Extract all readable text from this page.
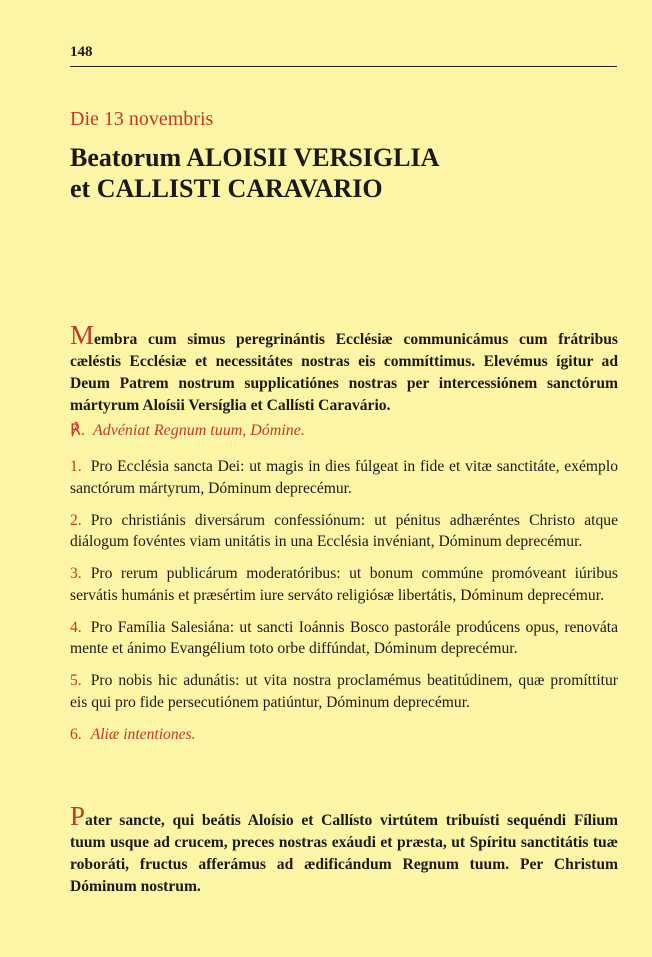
148
Die 13 novembris
Beatorum ALOISII VERSIGLIA
et CALLISTI CARAVARIO

Membra cum simus peregrinántis Ecclésiæ communicámus cum frátribus cæléstis Ecclésiæ et necessitátes nostras eis commíttimus. Elevémus ígitur ad Deum Patrem nostrum supplicatiónes nostras per intercessiónem sanctórum mártyrum Aloísii Versíglia et Callísti Caravário.

℟. Advéniat Regnum tuum, Dómine.

1. Pro Ecclésia sancta Dei: ut magis in dies fúlgeat in fide et vitæ sanctitáte, exémplo sanctórum mártyrum, Dóminum deprecémur.

2. Pro christiánis diversárum confessiónum: ut pénitus adhæréntes Christo atque diálogum fovéntes viam unitátis in una Ecclésia invéniant, Dóminum deprecémur.

3. Pro rerum publicárum moderatóribus: ut bonum commúne promóveant iúribus servátis humánis et præsértim iure serváto religiósæ libertátis, Dóminum deprecémur.

4. Pro Família Salesiána: ut sancti Ioánnis Bosco pastorále prodúcens opus, renováta mente et ánimo Evangélium toto orbe diffúndat, Dóminum deprecémur.

5. Pro nobis hic adunátis: ut vita nostra proclamémus beatitúdinem, quæ promíttitur eis qui pro fide persecutiónem patiúntur, Dóminum deprecémur.

6. Aliæ intentiones.

Pater sancte, qui beátis Aloísio et Callísto virtútem tribuísti sequéndi Fílium tuum usque ad crucem, preces nostras exáudi et præsta, ut Spíritu sanctitátis tuæ roboráti, fructus afferámus ad ædificándum Regnum tuum. Per Christum Dóminum nostrum.
